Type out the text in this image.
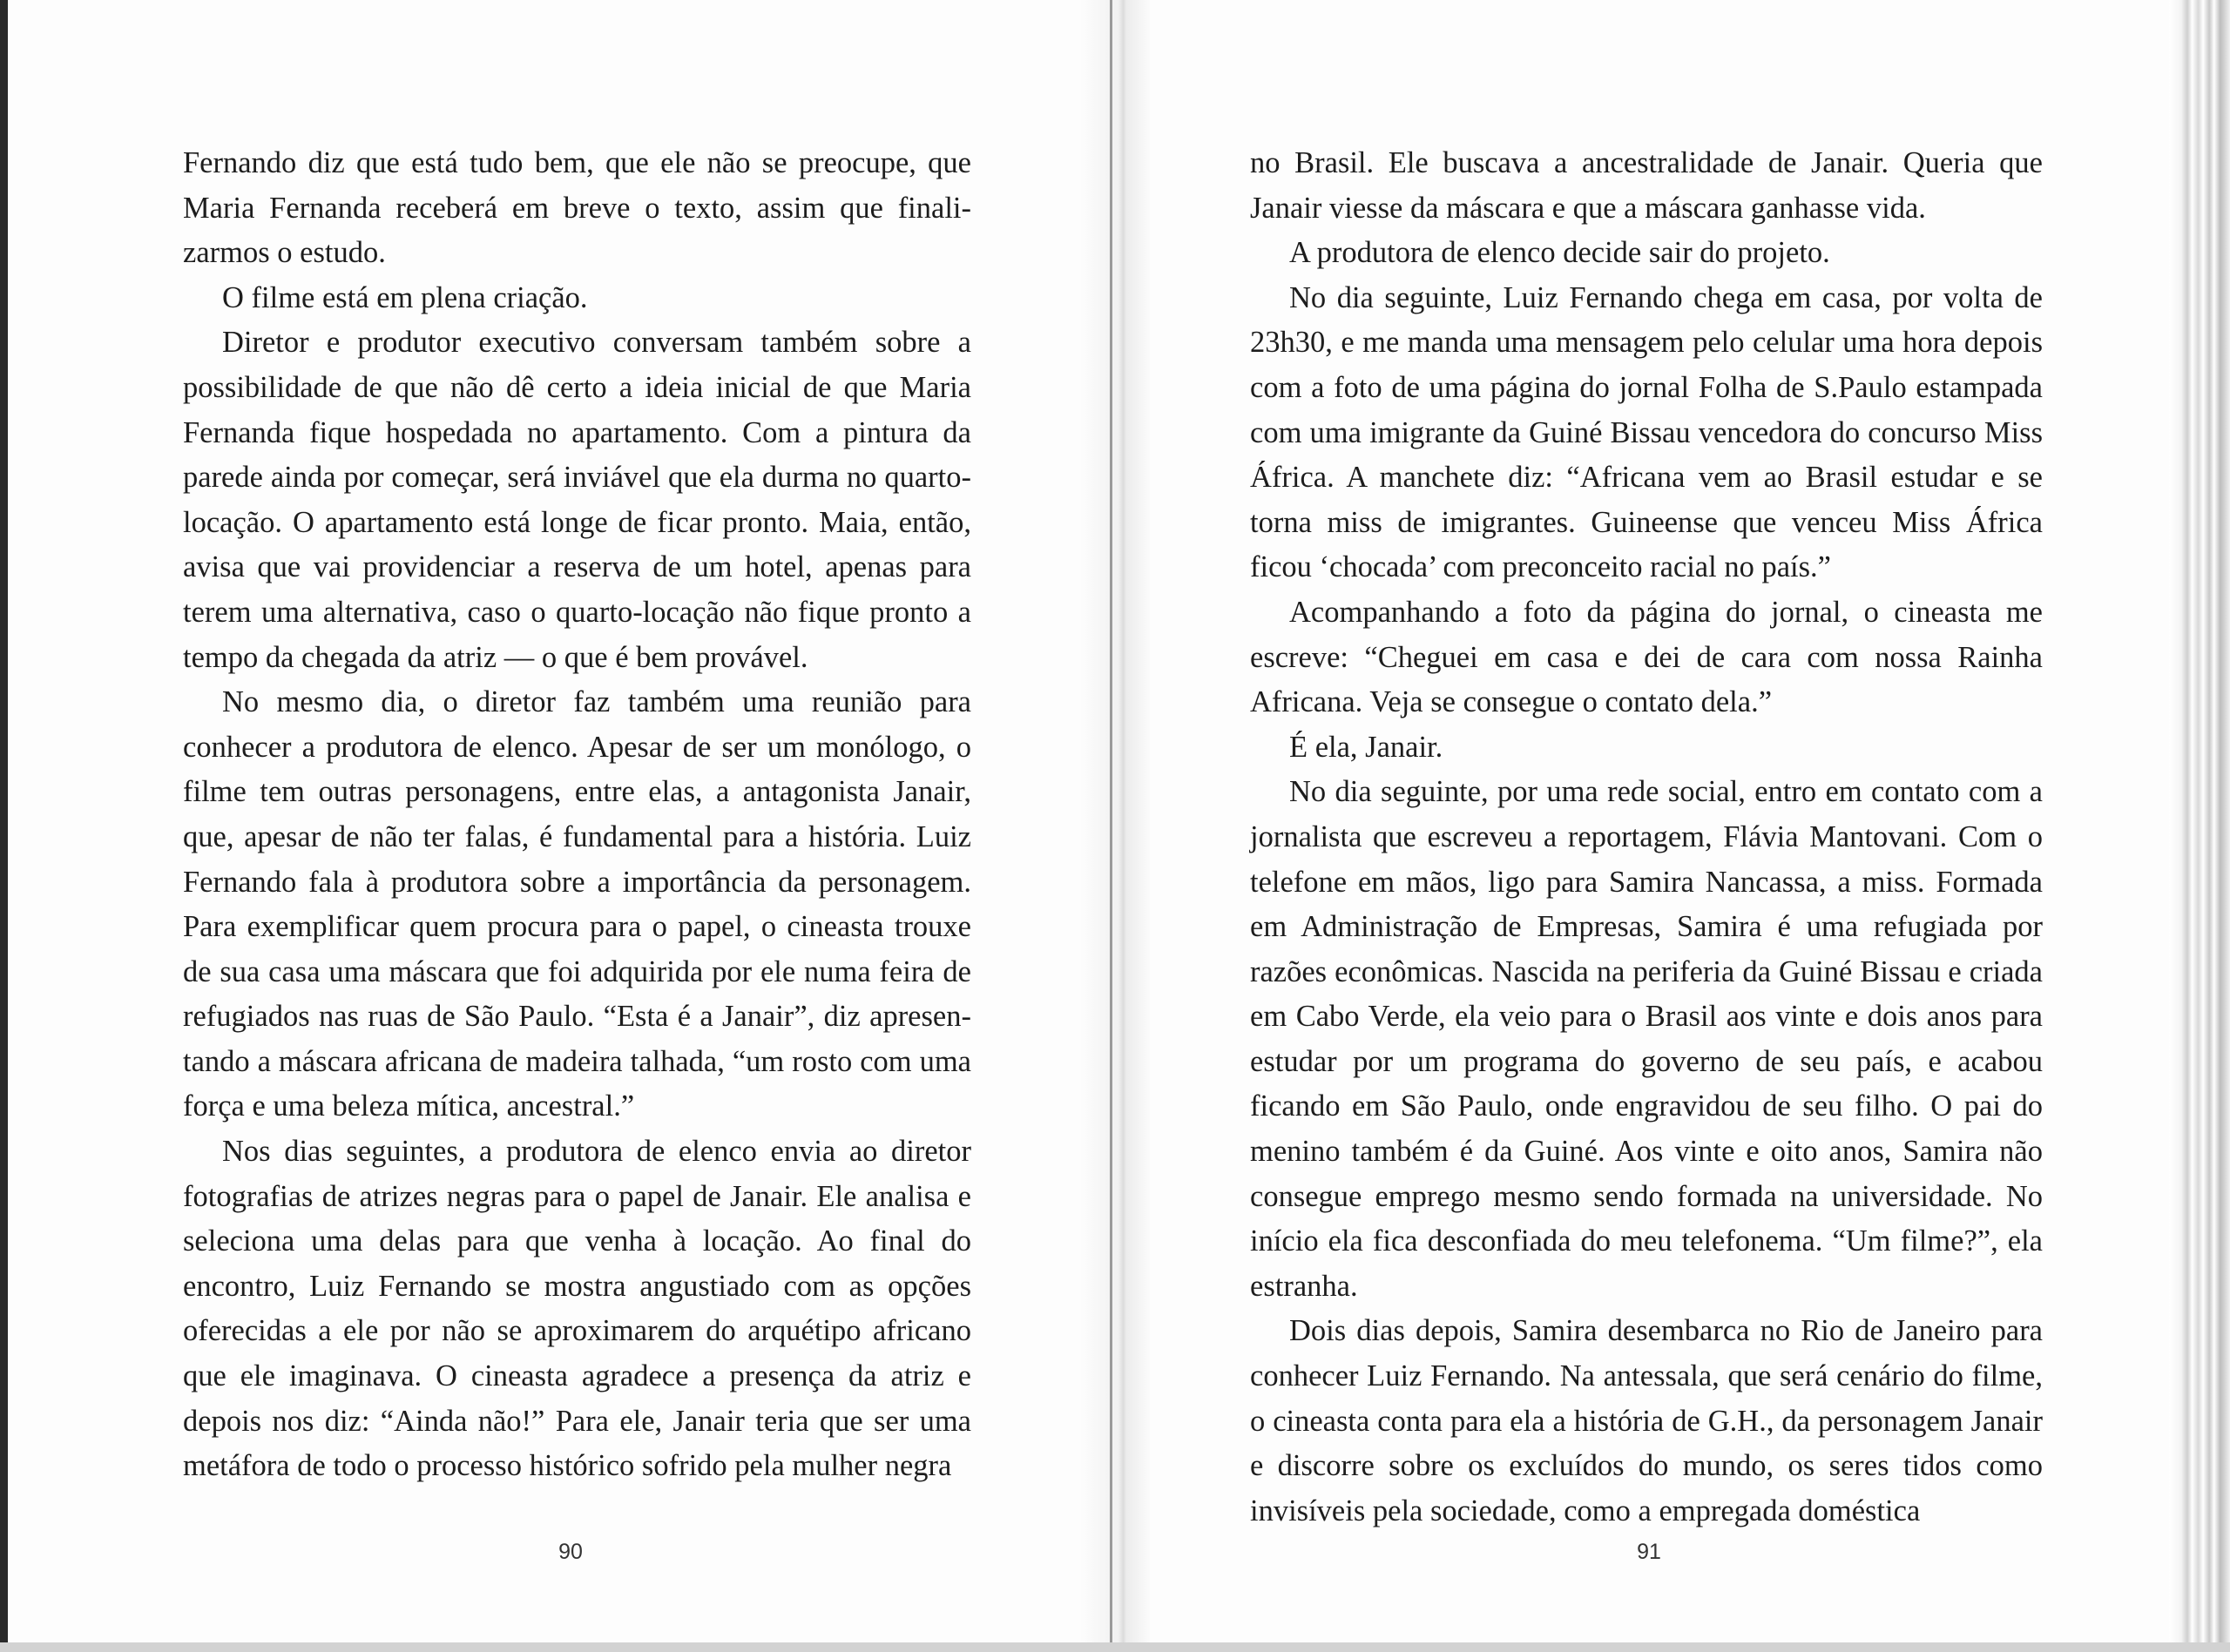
Fernando diz que está tudo bem, que ele não se preocupe, que Maria Fernanda receberá em breve o texto, assim que finalizarmos o estudo.

O filme está em plena criação.

Diretor e produtor executivo conversam também sobre a possibilidade de que não dê certo a ideia inicial de que Maria Fernanda fique hospedada no apartamento. Com a pintura da parede ainda por começar, será inviável que ela durma no quarto-locação. O apartamento está longe de ficar pronto. Maia, então, avisa que vai providenciar a reserva de um hotel, apenas para terem uma alternativa, caso o quarto-locação não fique pronto a tempo da chegada da atriz — o que é bem provável.

No mesmo dia, o diretor faz também uma reunião para conhecer a produtora de elenco. Apesar de ser um monólogo, o filme tem outras personagens, entre elas, a antagonista Janair, que, apesar de não ter falas, é fundamental para a história. Luiz Fernando fala à produtora sobre a importância da personagem. Para exemplificar quem procura para o papel, o cineasta trouxe de sua casa uma máscara que foi adquirida por ele numa feira de refugiados nas ruas de São Paulo. “Esta é a Janair”, diz apresentando a máscara africana de madeira talhada, “um rosto com uma força e uma beleza mítica, ancestral.”

Nos dias seguintes, a produtora de elenco envia ao diretor fotografias de atrizes negras para o papel de Janair. Ele analisa e seleciona uma delas para que venha à locação. Ao final do encontro, Luiz Fernando se mostra angustiado com as opções oferecidas a ele por não se aproximarem do arquétipo africano que ele imaginava. O cineasta agradece a presença da atriz e depois nos diz: “Ainda não!” Para ele, Janair teria que ser uma metáfora de todo o processo histórico sofrido pela mulher negra

no Brasil. Ele buscava a ancestralidade de Janair. Queria que Janair viesse da máscara e que a máscara ganhasse vida.

A produtora de elenco decide sair do projeto.

No dia seguinte, Luiz Fernando chega em casa, por volta de 23h30, e me manda uma mensagem pelo celular uma hora depois com a foto de uma página do jornal Folha de S.Paulo estampada com uma imigrante da Guiné Bissau vencedora do concurso Miss África. A manchete diz: “Africana vem ao Brasil estudar e se torna miss de imigrantes. Guineense que venceu Miss África ficou ‘chocada’ com preconceito racial no país.”

Acompanhando a foto da página do jornal, o cineasta me escreve: “Cheguei em casa e dei de cara com nossa Rainha Africana. Veja se consegue o contato dela.”

É ela, Janair.

No dia seguinte, por uma rede social, entro em contato com a jornalista que escreveu a reportagem, Flávia Mantovani. Com o telefone em mãos, ligo para Samira Nancassa, a miss. Formada em Administração de Empresas, Samira é uma refugiada por razões econômicas. Nascida na periferia da Guiné Bissau e criada em Cabo Verde, ela veio para o Brasil aos vinte e dois anos para estudar por um programa do governo de seu país, e acabou ficando em São Paulo, onde engravidou de seu filho. O pai do menino também é da Guiné. Aos vinte e oito anos, Samira não consegue emprego mesmo sendo formada na universidade. No início ela fica desconfiada do meu telefonema. “Um filme?”, ela estranha.

Dois dias depois, Samira desembarca no Rio de Janeiro para conhecer Luiz Fernando. Na antessala, que será cenário do filme, o cineasta conta para ela a história de G.H., da personagem Janair e discorre sobre os excluídos do mundo, os seres tidos como invisíveis pela sociedade, como a empregada doméstica

90	91
